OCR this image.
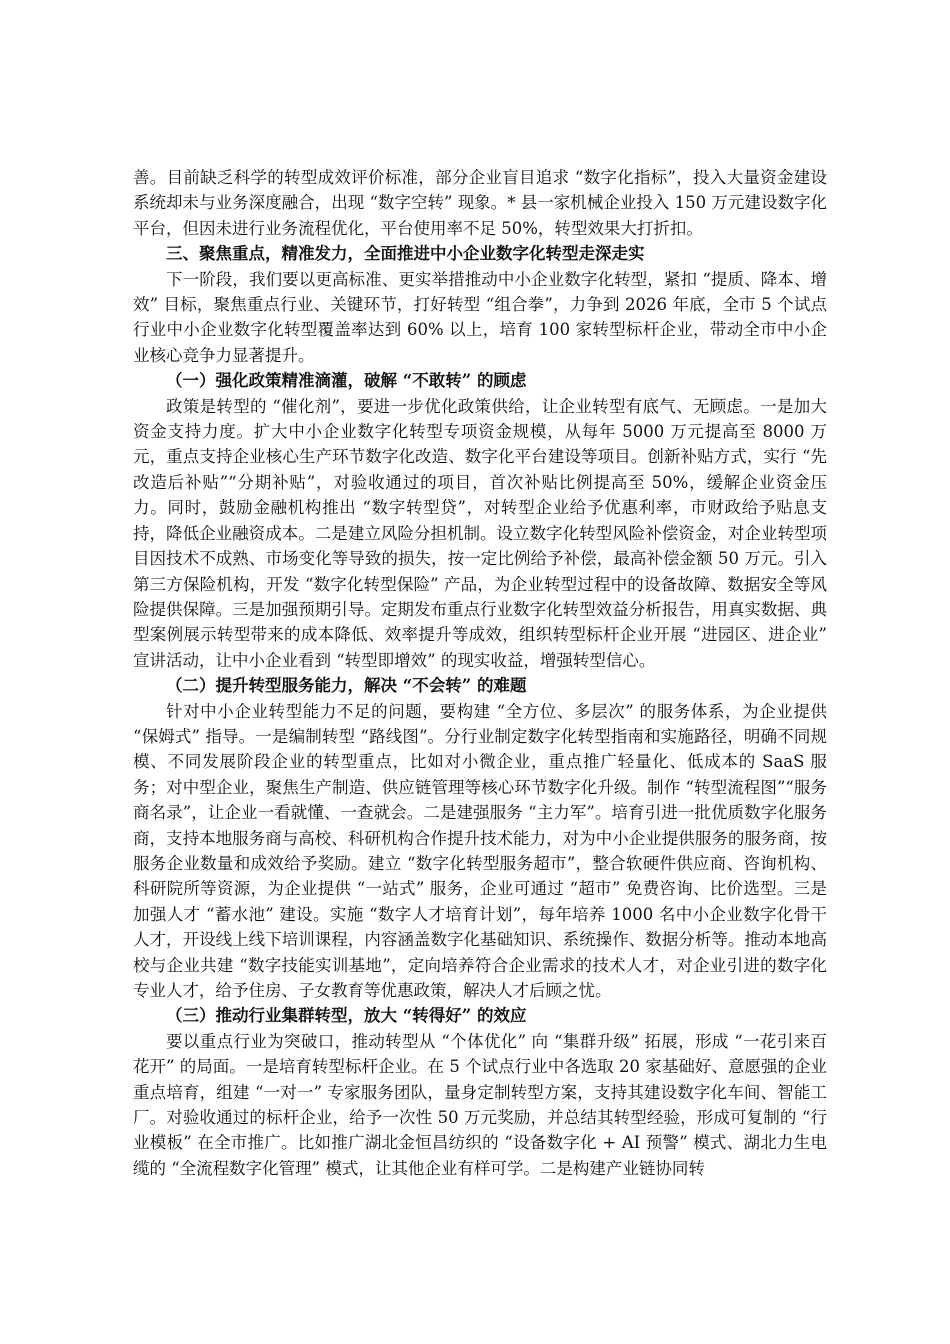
善。目前缺乏科学的转型成效评价标准，部分企业盲目追求 “数字化指标”，投入大量资金建设系统却未与业务深度融合，出现 “数字空转” 现象。* 县一家机械企业投入 150 万元建设数字化平台，但因未进行业务流程优化，平台使用率不足 50%，转型效果大打折扣。

三、聚焦重点，精准发力，全面推进中小企业数字化转型走深走实

下一阶段，我们要以更高标准、更实举措推动中小企业数字化转型，紧扣 “提质、降本、增效” 目标，聚焦重点行业、关键环节，打好转型 “组合拳”，力争到 2026 年底，全市 5 个试点行业中小企业数字化转型覆盖率达到 60% 以上，培育 100 家转型标杆企业，带动全市中小企业核心竞争力显著提升。

（一）强化政策精准滴灌，破解 “不敢转” 的顾虑

政策是转型的 “催化剂”，要进一步优化政策供给，让企业转型有底气、无顾虑。一是加大资金支持力度。扩大中小企业数字化转型专项资金规模，从每年 5000 万元提高至 8000 万元，重点支持企业核心生产环节数字化改造、数字化平台建设等项目。创新补贴方式，实行 “先改造后补贴”“分期补贴”，对验收通过的项目，首次补贴比例提高至 50%，缓解企业资金压力。同时，鼓励金融机构推出 “数字转型贷”，对转型企业给予优惠利率，市财政给予贴息支持，降低企业融资成本。二是建立风险分担机制。设立数字化转型风险补偿资金，对企业转型项目因技术不成熟、市场变化等导致的损失，按一定比例给予补偿，最高补偿金额 50 万元。引入第三方保险机构，开发 “数字化转型保险” 产品，为企业转型过程中的设备故障、数据安全等风险提供保障。三是加强预期引导。定期发布重点行业数字化转型效益分析报告，用真实数据、典型案例展示转型带来的成本降低、效率提升等成效，组织转型标杆企业开展 “进园区、进企业” 宣讲活动，让中小企业看到 “转型即增效” 的现实收益，增强转型信心。

（二）提升转型服务能力，解决 “不会转” 的难题

针对中小企业转型能力不足的问题，要构建 “全方位、多层次” 的服务体系，为企业提供 “保姆式” 指导。一是编制转型 “路线图”。分行业制定数字化转型指南和实施路径，明确不同规模、不同发展阶段企业的转型重点，比如对小微企业，重点推广轻量化、低成本的 SaaS 服务；对中型企业，聚焦生产制造、供应链管理等核心环节数字化升级。制作 “转型流程图”“服务商名录”，让企业一看就懂、一查就会。二是建强服务 “主力军”。培育引进一批优质数字化服务商，支持本地服务商与高校、科研机构合作提升技术能力，对为中小企业提供服务的服务商，按服务企业数量和成效给予奖励。建立 “数字化转型服务超市”，整合软硬件供应商、咨询机构、科研院所等资源，为企业提供 “一站式” 服务，企业可通过 “超市” 免费咨询、比价选型。三是加强人才 “蓄水池” 建设。实施 “数字人才培育计划”，每年培养 1000 名中小企业数字化骨干人才，开设线上线下培训课程，内容涵盖数字化基础知识、系统操作、数据分析等。推动本地高校与企业共建 “数字技能实训基地”，定向培养符合企业需求的技术人才，对企业引进的数字化专业人才，给予住房、子女教育等优惠政策，解决人才后顾之忧。

（三）推动行业集群转型，放大 “转得好” 的效应

要以重点行业为突破口，推动转型从 “个体优化” 向 “集群升级” 拓展，形成 “一花引来百花开” 的局面。一是培育转型标杆企业。在 5 个试点行业中各选取 20 家基础好、意愿强的企业重点培育，组建 “一对一” 专家服务团队，量身定制转型方案，支持其建设数字化车间、智能工厂。对验收通过的标杆企业，给予一次性 50 万元奖励，并总结其转型经验，形成可复制的 “行业模板” 在全市推广。比如推广湖北金恒昌纺织的 “设备数字化 + AI 预警” 模式、湖北力生电缆的 “全流程数字化管理” 模式，让其他企业有样可学。二是构建产业链协同转
